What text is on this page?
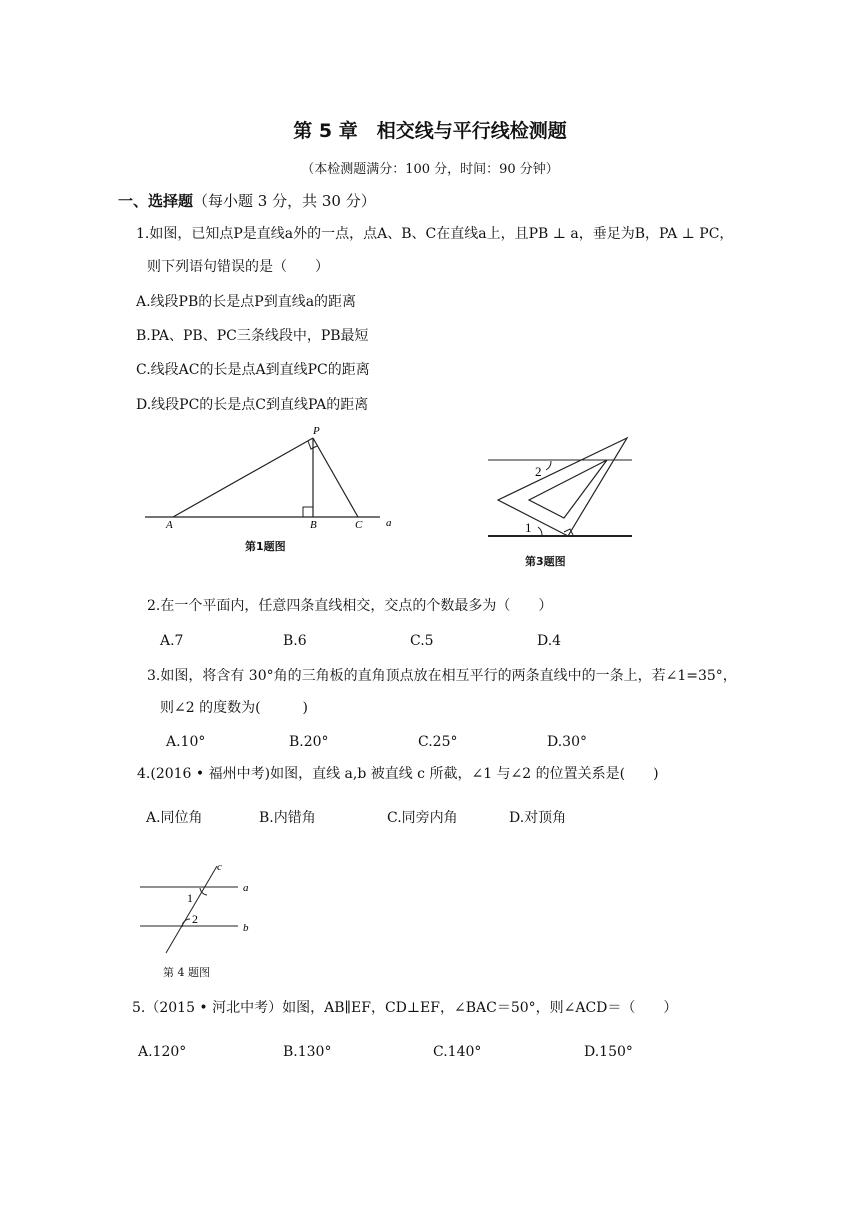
第 5 章　相交线与平行线检测题
（本检测题满分：100 分，时间：90 分钟）
一、选择题（每小题 3 分，共 30 分）
1.如图，已知点P是直线a外的一点，点A、B、C在直线a上，且PB ⊥ a，垂足为B，PA ⊥ PC，
则下列语句错误的是（　　）
A.线段PB的长是点P到直线a的距离
B.PA、PB、PC三条线段中，PB最短
C.线段AC的长是点A到直线PC的距离
D.线段PC的长是点C到直线PA的距离
P
A	B	C a
第1题图
1
2
第3题图
2.在一个平面内，任意四条直线相交，交点的个数最多为（　　）
A.7	B.6	C.5	D.4
3.如图，将含有 30°角的三角板的直角顶点放在相互平行的两条直线中的一条上，若∠1=35°，
则∠2 的度数为(　　　)
A.10°	B.20°	C.25°	D.30°
4.(2016 • 福州中考)如图，直线 a,b 被直线 c 所截，∠1 与∠2 的位置关系是(　　)
A.同位角	B.内错角	C.同旁内角	D.对顶角
c
a
b
1
2
第 4 题图
5.（2015 • 河北中考）如图，AB∥EF，CD⊥EF，∠BAC＝50°，则∠ACD＝（　　）
A.120°	B.130°	C.140°	D.150°
